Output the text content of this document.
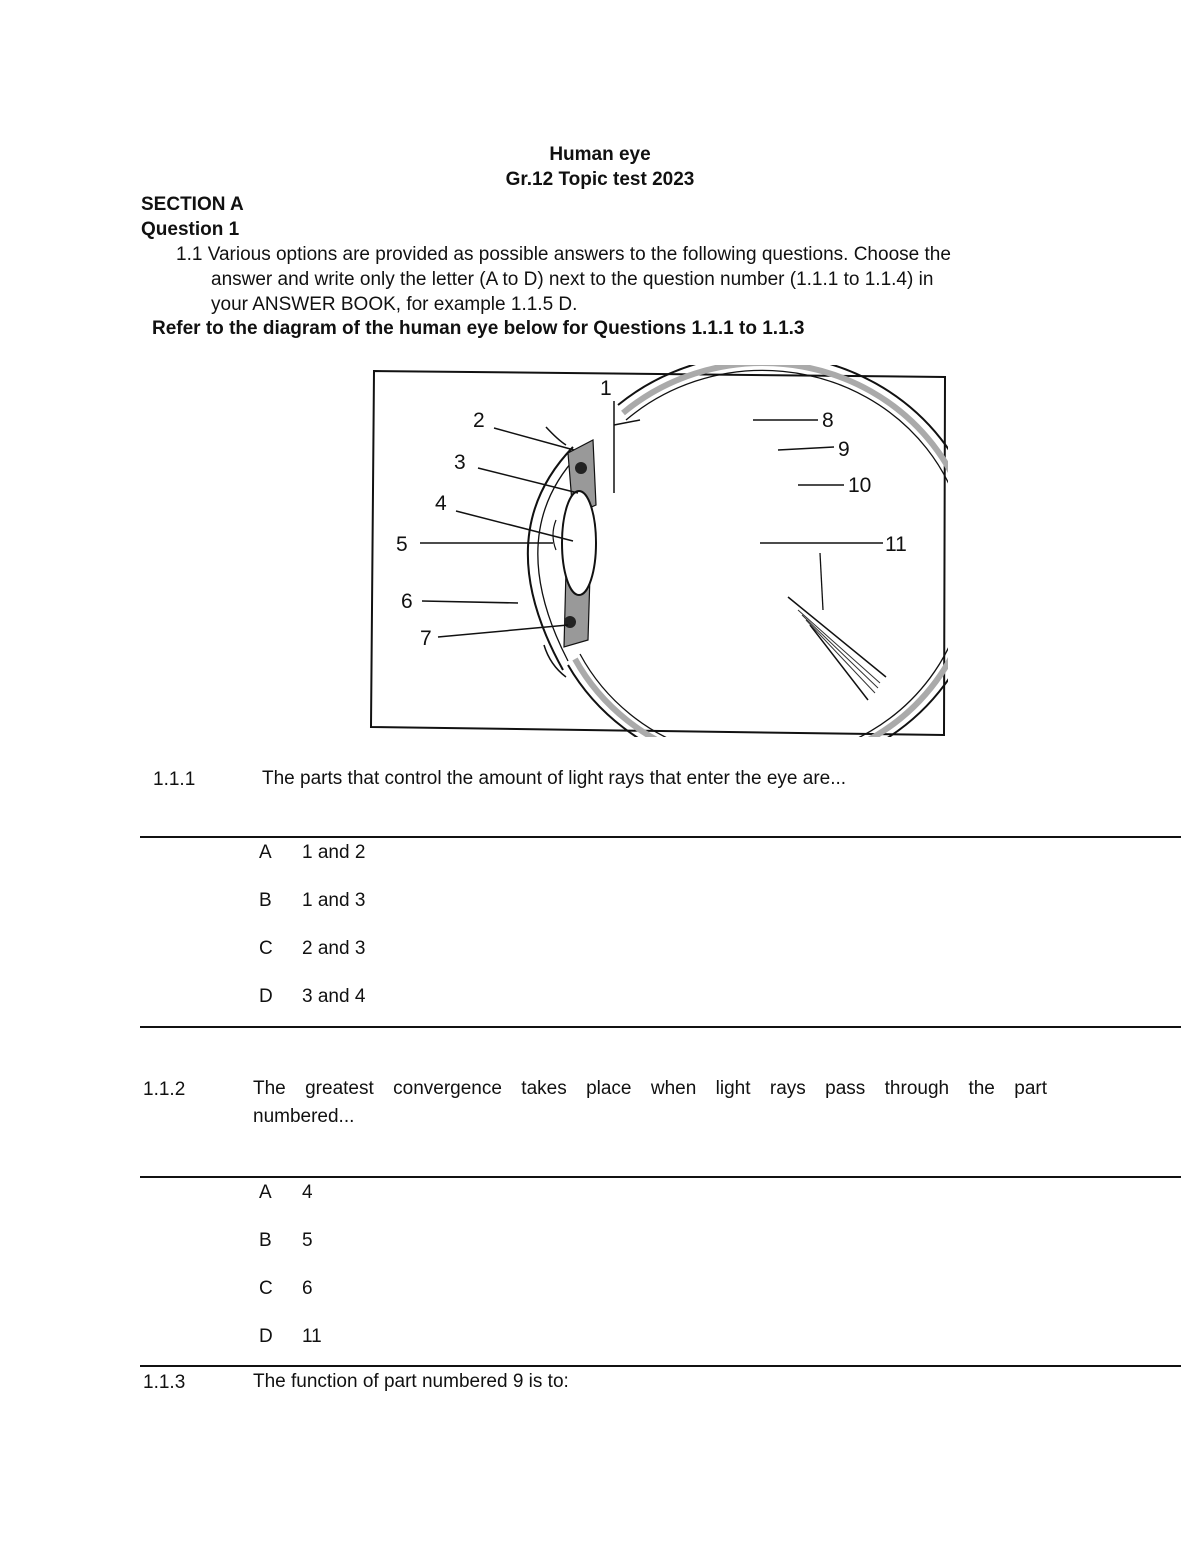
Human eye
Gr.12 Topic test 2023
SECTION A
Question 1
1.1 Various options are provided as possible answers to the following questions. Choose the
answer and write only the letter (A to D) next to the question number (1.1.1 to 1.1.4) in
your ANSWER BOOK, for example 1.1.5 D.
Refer to the diagram of the human eye below for Questions 1.1.1 to 1.1.3
1
2
3
4
5
6
7
8
9
10
11
1.1.1	The parts that control the amount of light rays that enter the eye are...
A 1 and 2
B 1 and 3
C 2 and 3
D 3 and 4
1.1.2	The greatest convergence takes place when light rays pass through the part
numbered...
A 4
B 5
C 6
D 11
1.1.3	The function of part numbered 9 is to:
